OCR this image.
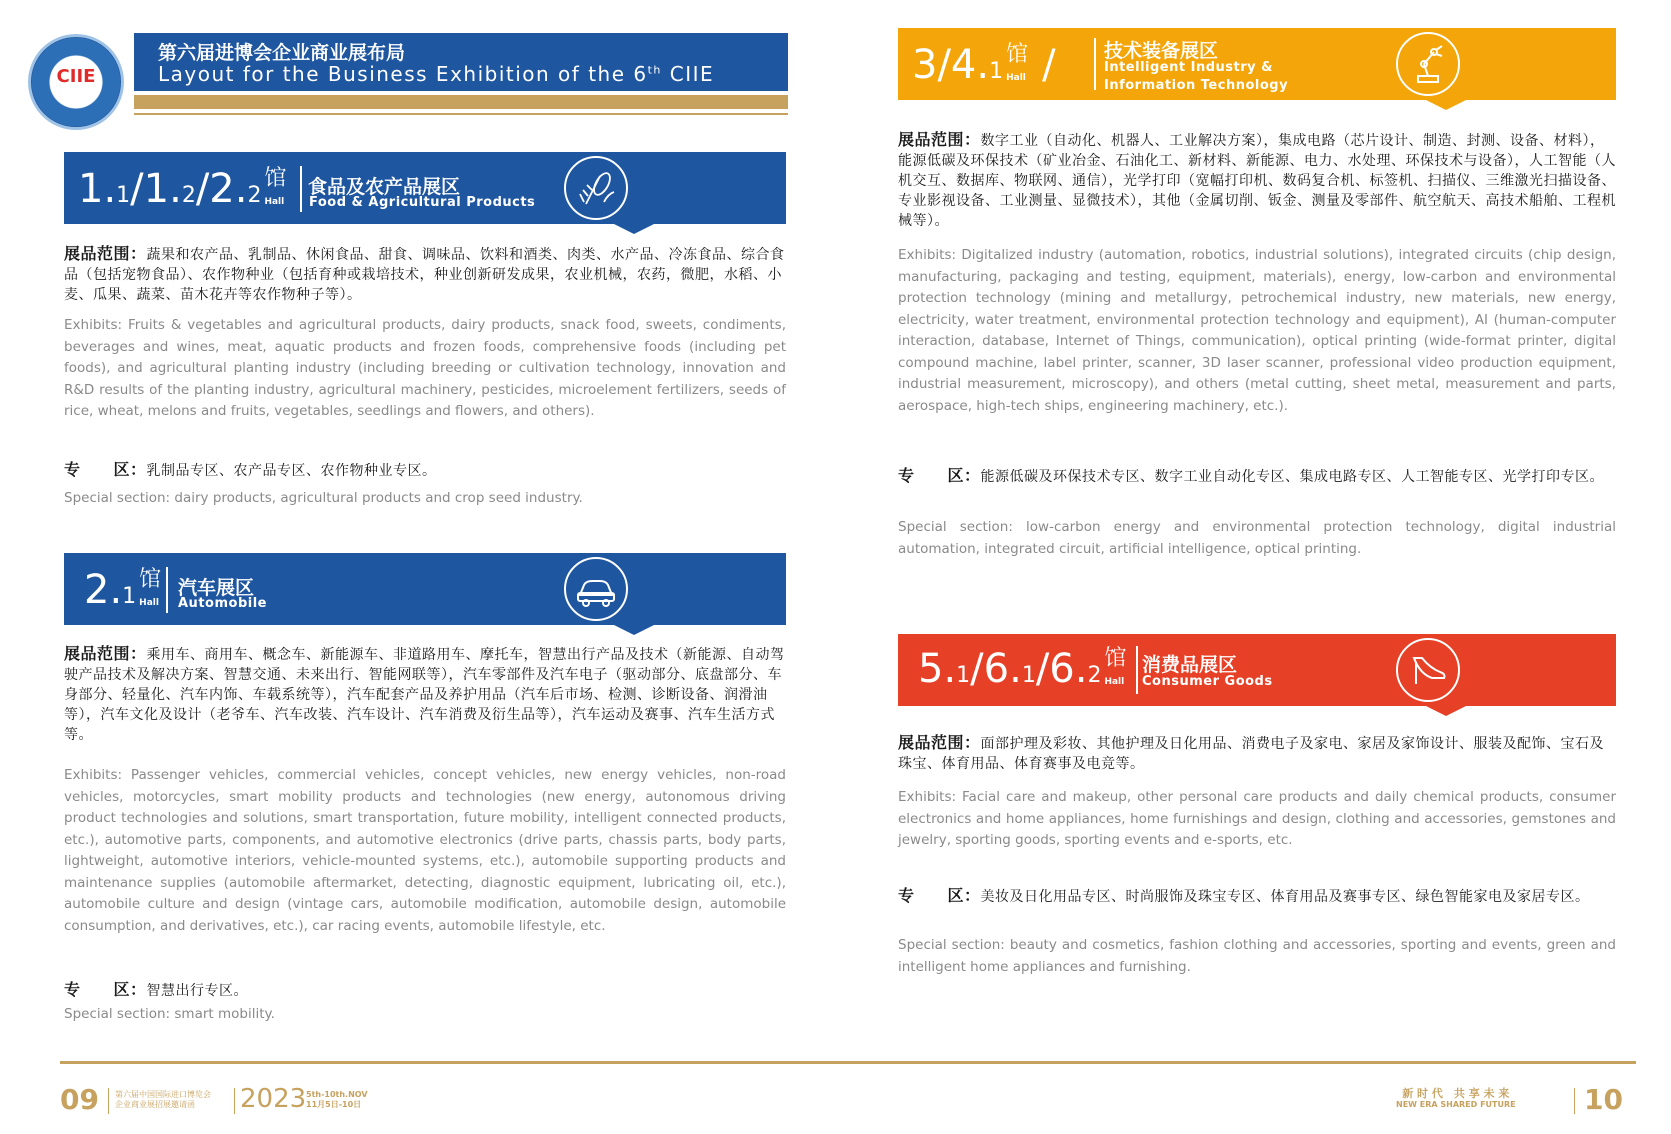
CIIE
第六届进博会企业商业展布局
Layout for the Business Exhibition of the 6th CIIE
1.1/1.2/2.2馆
Hall
食品及农产品展区
Food & Agricultural Products
展品范围：蔬果和农产品、乳制品、休闲食品、甜食、调味品、饮料和酒类、肉类、水产品、冷冻食品、综合食品（包括宠物食品）、农作物种业（包括育种或栽培技术，种业创新研发成果，农业机械，农药，微肥，水稻、小麦、瓜果、蔬菜、苗木花卉等农作物种子等）。
Exhibits: Fruits & vegetables and agricultural products, dairy products, snack food, sweets, condiments, beverages and wines, meat, aquatic products and frozen foods, comprehensive foods (including pet foods), and agricultural planting industry (including breeding or cultivation technology, innovation and R&D results of the planting industry, agricultural machinery, pesticides, microelement fertilizers, seeds of rice, wheat, melons and fruits, vegetables, seedlings and flowers, and others).
专　　区：乳制品专区、农产品专区、农作物种业专区。
Special section: dairy products, agricultural products and crop seed industry.
2.1馆
Hall
汽车展区
Automobile
展品范围：乘用车、商用车、概念车、新能源车、非道路用车、摩托车，智慧出行产品及技术（新能源、自动驾驶产品技术及解决方案、智慧交通、未来出行、智能网联等），汽车零部件及汽车电子（驱动部分、底盘部分、车身部分、轻量化、汽车内饰、车载系统等），汽车配套产品及养护用品（汽车后市场、检测、诊断设备、润滑油等），汽车文化及设计（老爷车、汽车改装、汽车设计、汽车消费及衍生品等），汽车运动及赛事、汽车生活方式等。
Exhibits: Passenger vehicles, commercial vehicles, concept vehicles, new energy vehicles, non-road vehicles, motorcycles, smart mobility products and technologies (new energy, autonomous driving product technologies and solutions, smart transportation, future mobility, intelligent connected products, etc.), automotive parts, components, and automotive electronics (drive parts, chassis parts, body parts, lightweight, automotive interiors, vehicle-mounted systems, etc.), automobile supporting products and maintenance supplies (automobile aftermarket, detecting, diagnostic equipment, lubricating oil, etc.), automobile culture and design (vintage cars, automobile modification, automobile design, automobile consumption, and derivatives, etc.), car racing events, automobile lifestyle, etc.
专　　区：智慧出行专区。
Special section: smart mobility.
3/4.1馆
Hall /	技术装备展区
Intelligent Industry &
Information Technology
展品范围：数字工业（自动化、机器人、工业解决方案），集成电路（芯片设计、制造、封测、设备、材料），能源低碳及环保技术（矿业冶金、石油化工、新材料、新能源、电力、水处理、环保技术与设备），人工智能（人机交互、数据库、物联网、通信），光学打印（宽幅打印机、数码复合机、标签机、扫描仪、三维激光扫描设备、专业影视设备、工业测量、显微技术），其他（金属切削、钣金、测量及零部件、航空航天、高技术船舶、工程机械等）。
Exhibits: Digitalized industry (automation, robotics, industrial solutions), integrated circuits (chip design, manufacturing, packaging and testing, equipment, materials), energy, low-carbon and environmental protection technology (mining and metallurgy, petrochemical industry, new materials, new energy, electricity, water treatment, environmental protection technology and equipment), AI (human-computer interaction, database, Internet of Things, communication), optical printing (wide-format printer, digital compound machine, label printer, scanner, 3D laser scanner, professional video production equipment, industrial measurement, microscopy), and others (metal cutting, sheet metal, measurement and parts, aerospace, high-tech ships, engineering machinery, etc.).
专　　区：能源低碳及环保技术专区、数字工业自动化专区、集成电路专区、人工智能专区、光学打印专区。
Special section: low-carbon energy and environmental protection technology, digital industrial automation, integrated circuit, artificial intelligence, optical printing.
5.1/6.1/6.2馆
Hall
消费品展区
Consumer Goods
展品范围：面部护理及彩妆、其他护理及日化用品、消费电子及家电、家居及家饰设计、服装及配饰、宝石及珠宝、体育用品、体育赛事及电竞等。
Exhibits: Facial care and makeup, other personal care products and daily chemical products, consumer electronics and home appliances, home furnishings and design, clothing and accessories, gemstones and jewelry, sporting goods, sporting events and e-sports, etc.
专　　区：美妆及日化用品专区、时尚服饰及珠宝专区、体育用品及赛事专区、绿色智能家电及家居专区。
Special section: beauty and cosmetics, fashion clothing and accessories, sporting and events, green and intelligent home appliances and furnishing.
09 第六届中国国际进口博览会
企业商业展招展邀请函	2023 5th-10th.NOV
11月5日-10日
新 时 代　共 享 未 来
NEW ERA SHARED FUTURE 10
